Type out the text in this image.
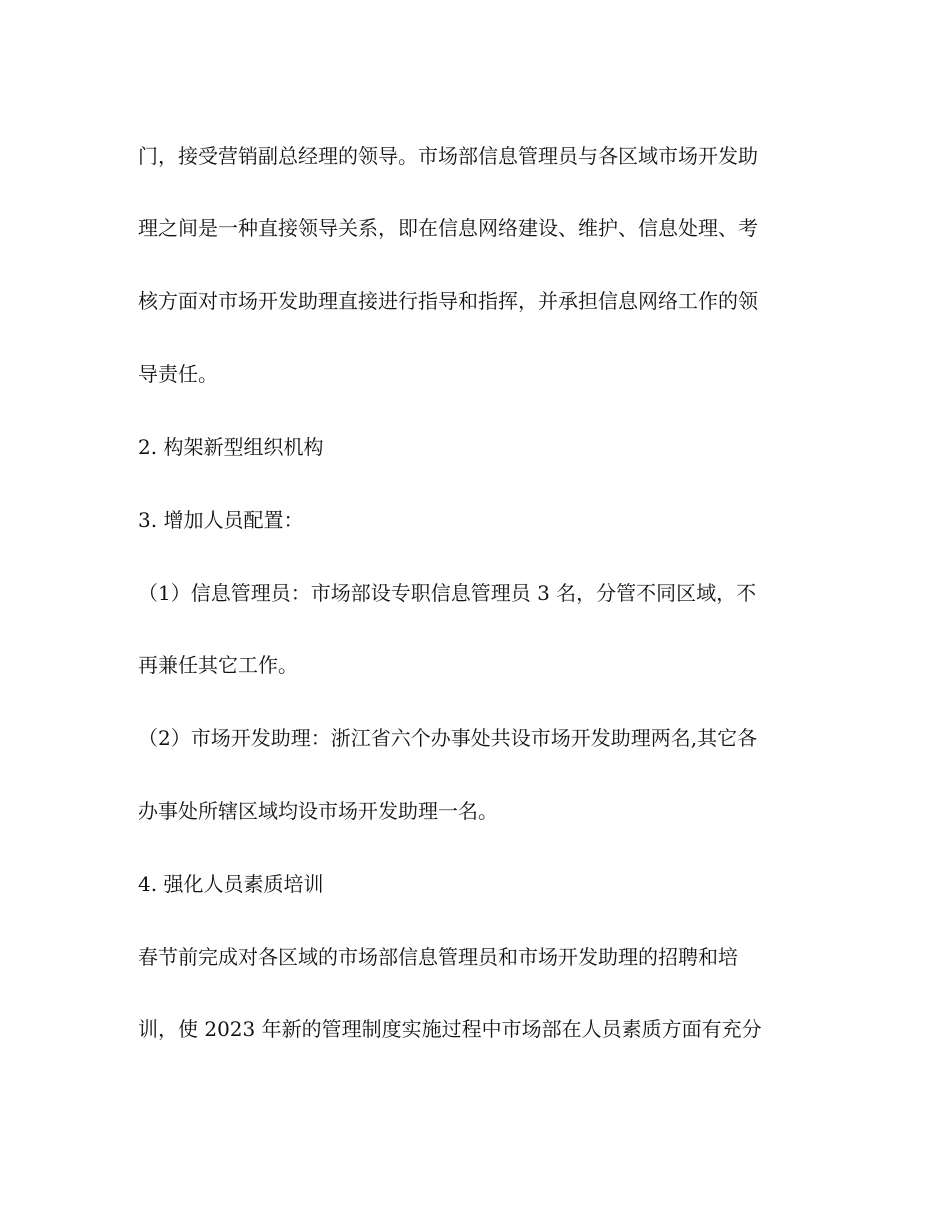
门，接受营销副总经理的领导。市场部信息管理员与各区域市场开发助
理之间是一种直接领导关系，即在信息网络建设、维护、信息处理、考
核方面对市场开发助理直接进行指导和指挥，并承担信息网络工作的领
导责任。
2. 构架新型组织机构
3. 增加人员配置：
（1）信息管理员：市场部设专职信息管理员 3 名，分管不同区域，不
再兼任其它工作。
（2）市场开发助理：浙江省六个办事处共设市场开发助理两名,其它各
办事处所辖区域均设市场开发助理一名。
4. 强化人员素质培训
春节前完成对各区域的市场部信息管理员和市场开发助理的招聘和培
训，使 2023 年新的管理制度实施过程中市场部在人员素质方面有充分
